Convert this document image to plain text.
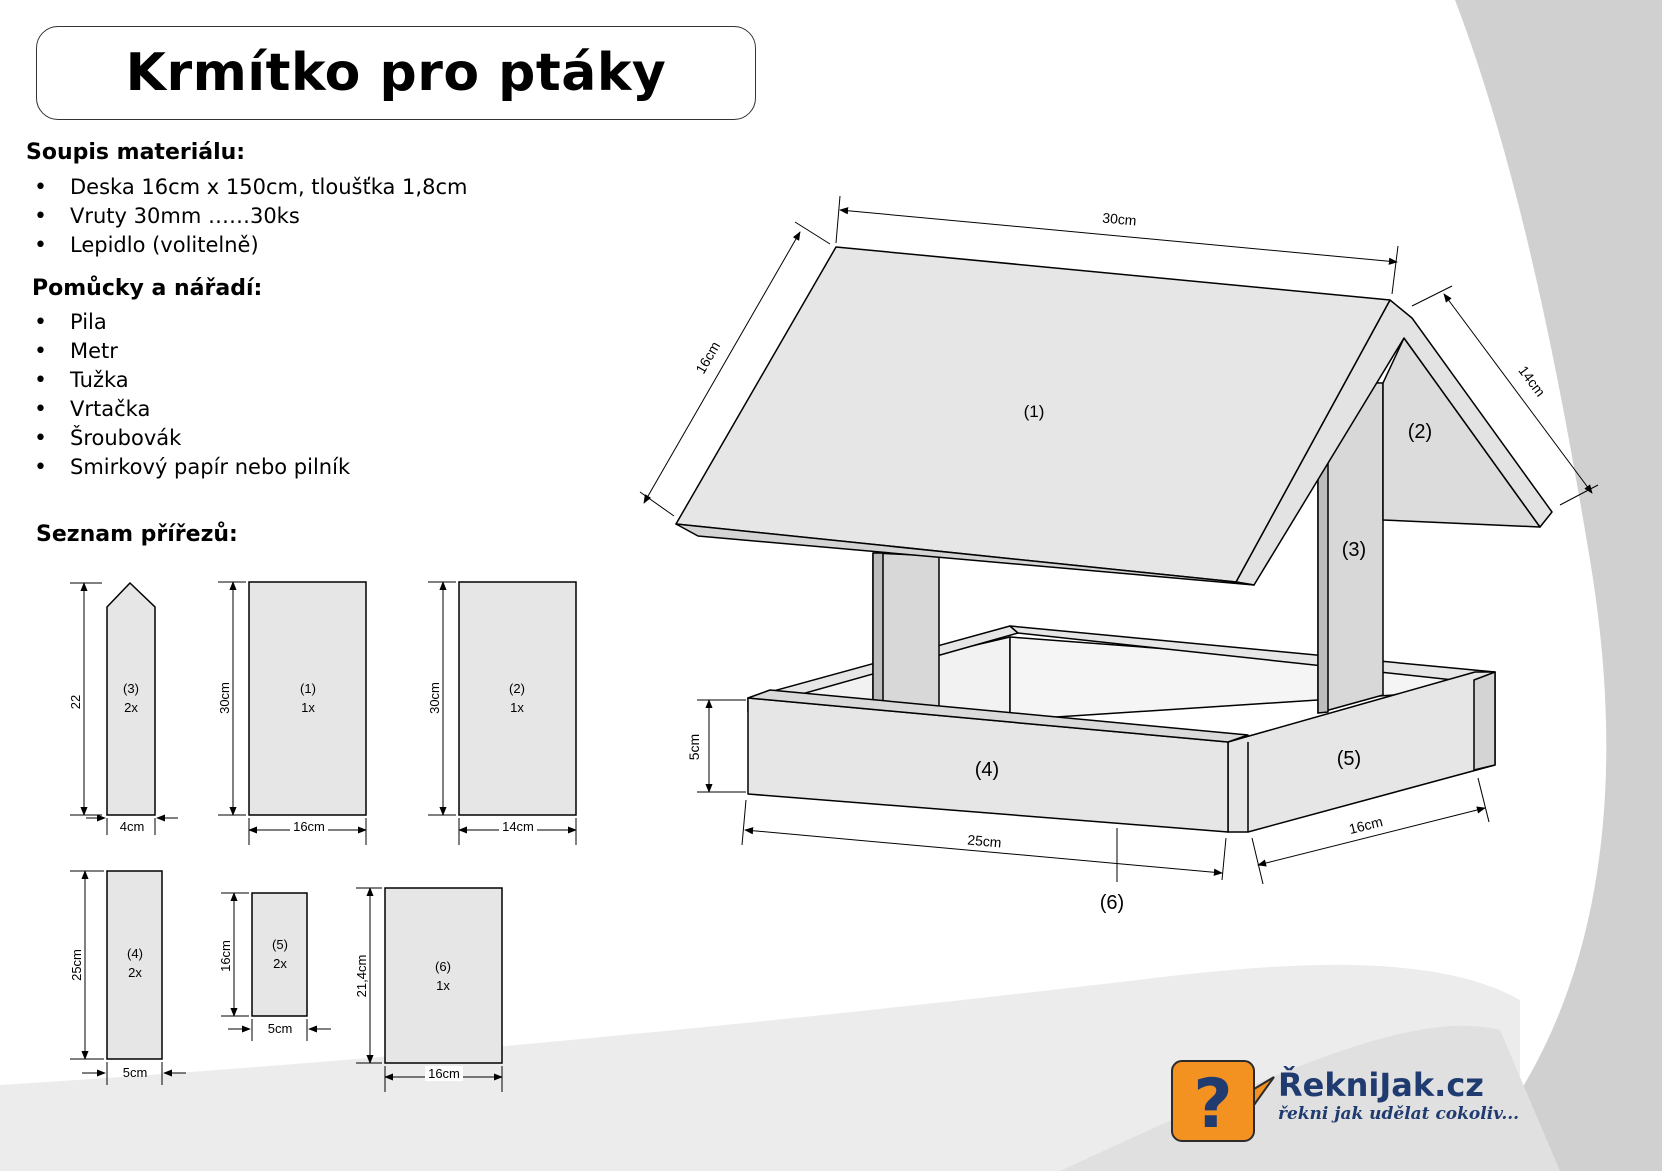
Krmítko pro ptáky
Soupis materiálu:
• Deska 16cm x 150cm, tloušťka 1,8cm
• Vruty 30mm ……30ks
• Lepidlo (volitelně)
Pomůcky a nářadí:
• Pila
• Metr
• Tužka
• Vrtačka
• Šroubovák
• Smirkový papír nebo pilník
Seznam přířezů:
(3)
2x
22
4cm
(1)
1x
30cm
16cm
(2)
1x
30cm
14cm
(4)
2x
25cm
5cm
(5)
2x
16cm
5cm
(6)
1x
21,4cm
16cm
30cm
16cm
14cm
5cm
25cm
16cm
(1)
(2)
(3)
(4)	(5)
(6)
? ŘekniJak.cz
řekni jak udělat cokoliv...
